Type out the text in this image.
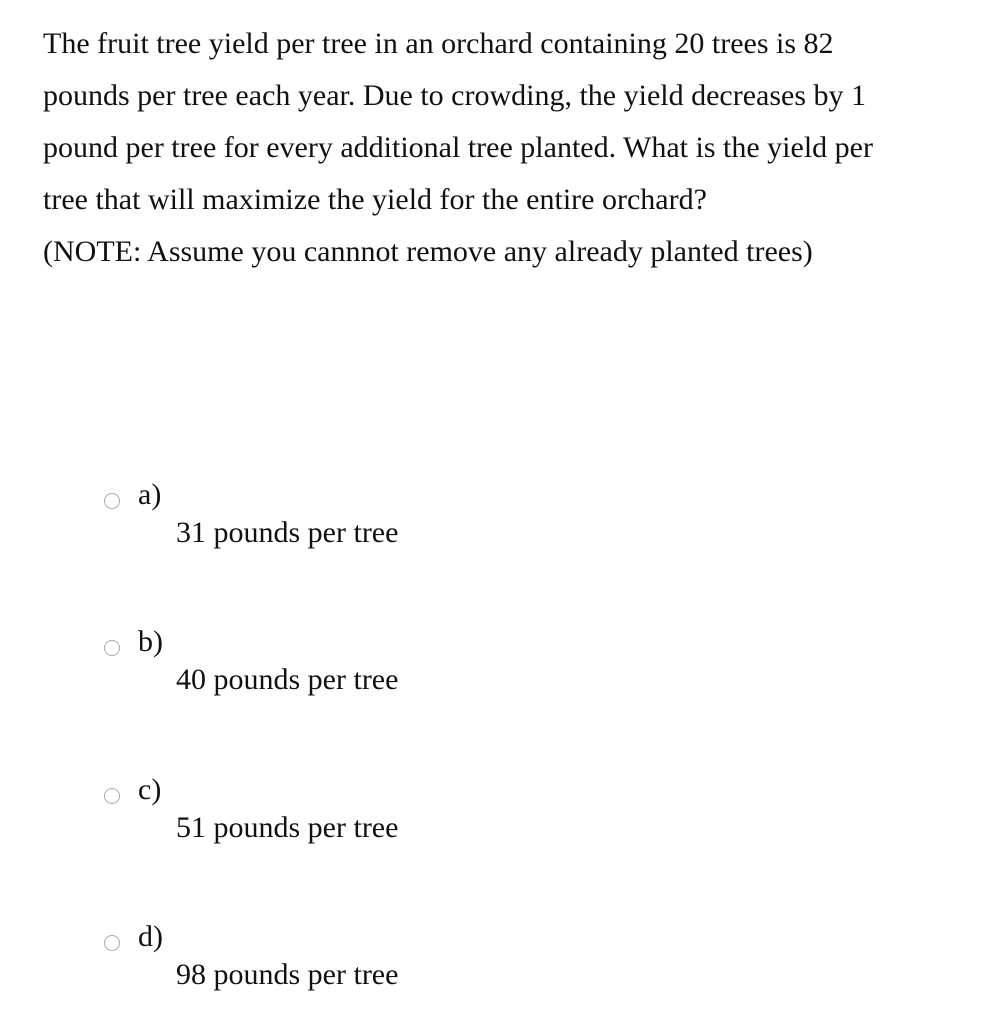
The fruit tree yield per tree in an orchard containing 20 trees is 82 pounds per tree each year. Due to crowding, the yield decreases by 1 pound per tree for every additional tree planted. What is the yield per tree that will maximize the yield for the entire orchard?

(NOTE: Assume you cannnot remove any already planted trees)

a)
31 pounds per tree
b)
40 pounds per tree
c)
51 pounds per tree
d)
98 pounds per tree
